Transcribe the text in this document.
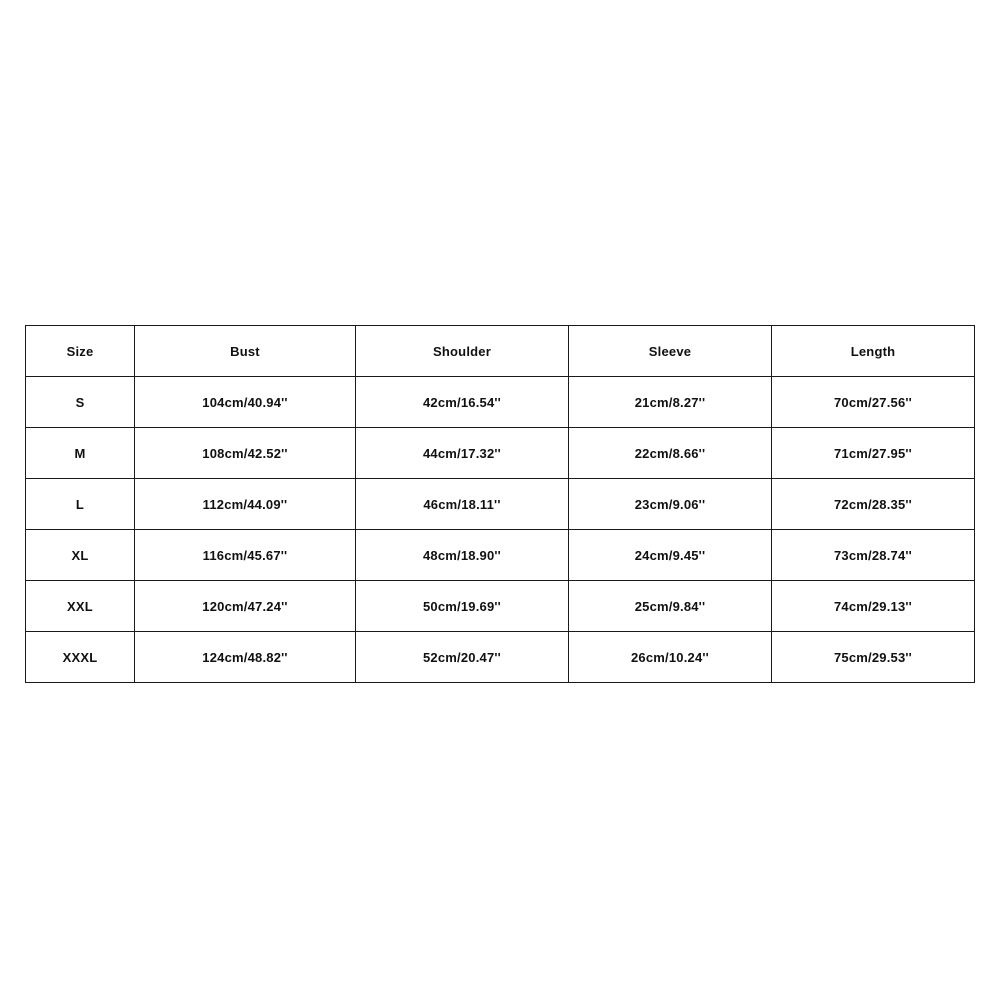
Size	Bust	Shoulder	Sleeve	Length
S	104cm/40.94''	42cm/16.54''	21cm/8.27''	70cm/27.56''
M	108cm/42.52''	44cm/17.32''	22cm/8.66''	71cm/27.95''
L	112cm/44.09''	46cm/18.11''	23cm/9.06''	72cm/28.35''
XL	116cm/45.67''	48cm/18.90''	24cm/9.45''	73cm/28.74''
XXL	120cm/47.24''	50cm/19.69''	25cm/9.84''	74cm/29.13''
XXXL	124cm/48.82''	52cm/20.47''	26cm/10.24''	75cm/29.53''
